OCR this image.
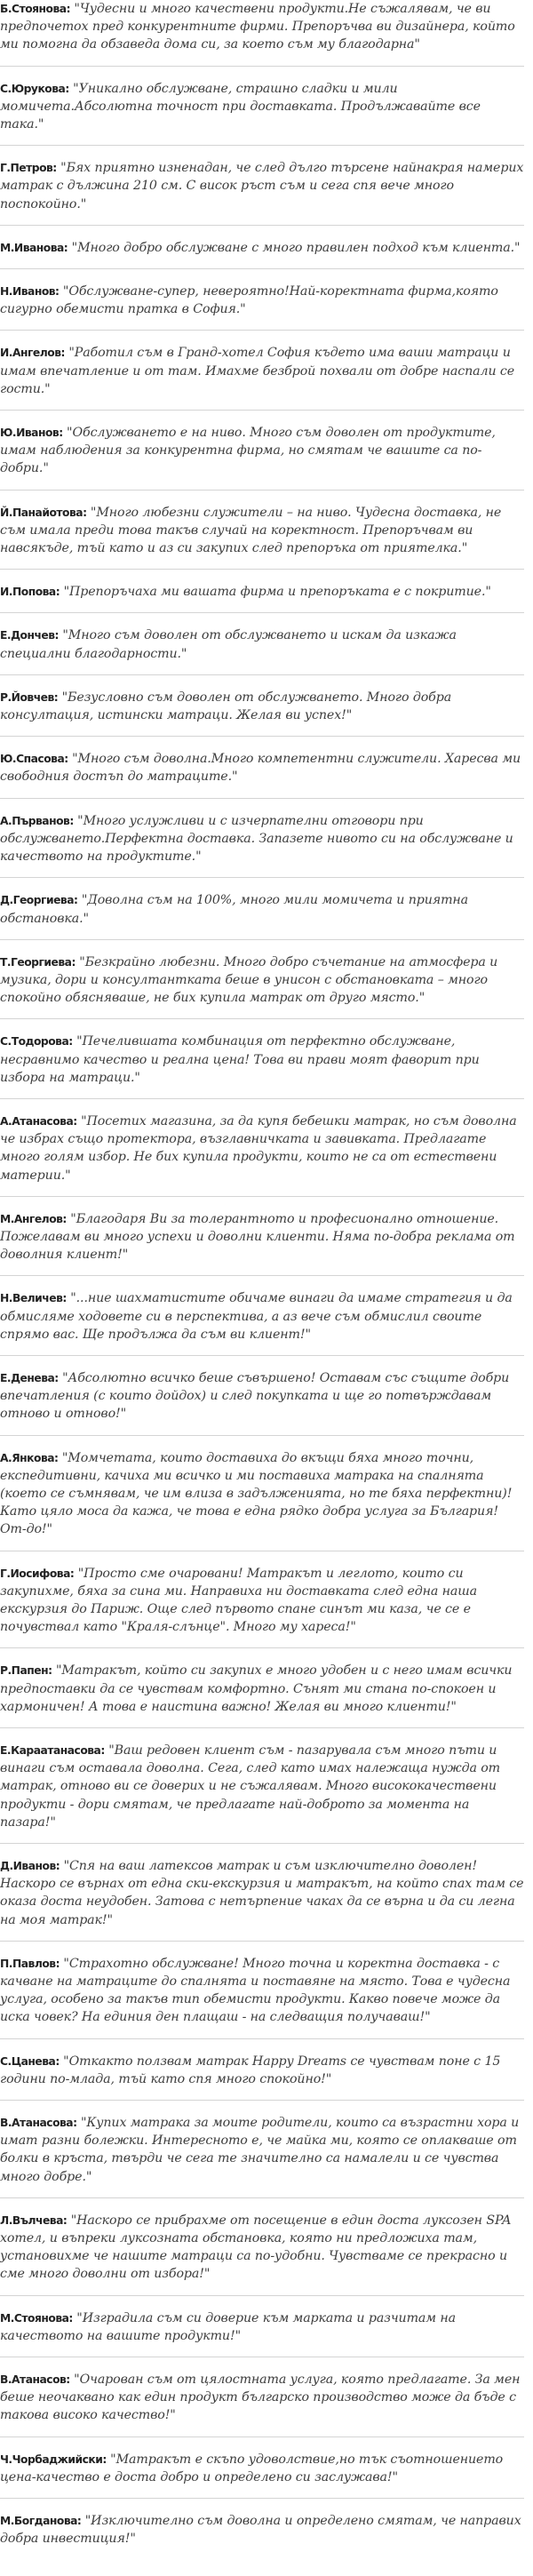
Б.Стоянова: "Чудесни и много качествени продукти.Не съжалявам, че ви предпочетох пред конкурентните фирми. Препоръчва ви дизайнера, който ми помогна да обзаведа дома си, за което съм му благодарна"

С.Юрукова: "Уникално обслужване, страшно сладки и мили момичета.Абсолютна точност при доставката. Продължавайте все така."

Г.Петров: "Бях приятно изненадан, че след дълго търсене найнакрая намерих матрак с дължина 210 см. С висок ръст съм и сега спя вече много поспокойно."

М.Иванова: "Много добро обслужване с много правилен подход към клиента."

Н.Иванов: "Обслужване-супер, невероятно!Най-коректната фирма,която сигурно обемисти пратка в София."

И.Ангелов: "Работил съм в Гранд-хотел София където има ваши матраци и имам впечатление и от там. Имахме безброй похвали от добре наспали се гости."

Ю.Иванов: "Обслужването е на ниво. Много съм доволен от продуктите, имам наблюдения за конкурентна фирма, но смятам че вашите са по-добри."

Й.Панайотова: "Много любезни служители – на ниво. Чудесна доставка, не съм имала преди това такъв случай на коректност. Препоръчвам ви навсякъде, тъй като и аз си закупих след препоръка от приятелка."

И.Попова: "Препоръчаха ми вашата фирма и препоръката е с покритие."

Е.Дончев: "Много съм доволен от обслужването и искам да изкажа специални благодарности."

Р.Йовчев: "Безусловно съм доволен от обслужването. Много добра консултация, истински матраци. Желая ви успех!"

Ю.Спасова: "Много съм доволна.Много компетентни служители. Харесва ми свободния достъп до матраците."

А.Първанов: "Много услужливи и с изчерпателни отговори при обслужването.Перфектна доставка. Запазете нивото си на обслужване и качеството на продуктите."

Д.Георгиева: "Доволна съм на 100%, много мили момичета и приятна обстановка."

Т.Георгиева: "Безкрайно любезни. Много добро съчетание на атмосфера и музика, дори и консултантката беше в унисон с обстановката – много спокойно обясняваше, не бих купила матрак от друго място."

С.Тодорова: "Печелившата комбинация от перфектно обслужване, несравнимо качество и реална цена! Това ви прави моят фаворит при избора на матраци."

А.Атанасова: "Посетих магазина, за да купя бебешки матрак, но съм доволна че избрах също протектора, възглавничката и завивката. Предлагате много голям избор. Не бих купила продукти, които не са от естествени материи."

М.Ангелов: "Благодаря Ви за толерантното и професионално отношение. Пожелавам ви много успехи и доволни клиенти. Няма по-добра реклама от доволния клиент!"

Н.Величев: "...ние шахматистите обичаме винаги да имаме стратегия и да обмисляме ходовете си в перспектива, а аз вече съм обмислил своите спрямо вас. Ще продължа да съм ви клиент!"

Е.Денева: "Абсолютно всичко беше съвършено! Оставам със същите добри впечатления (с които дойдох) и след покупката и ще го потвърждавам отново и отново!"

А.Янкова: "Момчетата, които доставиха до вкъщи бяха много точни, експедитивни, качиха ми всичко и ми поставиха матрака на спалнята (което се съмнявам, че им влиза в задълженията, но те бяха перфектни)! Като цяло моса да кажа, че това е една рядко добра услуга за България! От-до!"

Г.Иосифова: "Просто сме очаровани! Матракът и леглото, които си закупихме, бяха за сина ми. Направиха ни доставката след една наша екскурзия до Париж. Още след първото спане синът ми каза, че се е почувствал като "Краля-слънце". Много му хареса!"

Р.Папен: "Матракът, който си закупих е много удобен и с него имам всички предпоставки да се чувствам комфортно. Сънят ми стана по-спокоен и хармоничен! А това е наистина важно! Желая ви много клиенти!"

Е.Караатанасова: "Ваш редовен клиент съм - пазарувала съм много пъти и винаги съм оставала доволна. Сега, след като имах належаща нужда от матрак, отново ви се доверих и не съжалявам. Много висококачествени продукти - дори смятам, че предлагате най-доброто за момента на пазара!"

Д.Иванов: "Спя на ваш латексов матрак и съм изключително доволен! Наскоро се върнах от една ски-екскурзия и матракът, на който спах там се оказа доста неудобен. Затова с нетърпение чаках да се върна и да си легна на моя матрак!"

П.Павлов: "Страхотно обслужване! Много точна и коректна доставка - с качване на матраците до спалнята и поставяне на място. Това е чудесна услуга, особено за такъв тип обемисти продукти. Какво повече може да иска човек? На единия ден плащаш - на следващия получаваш!"

С.Цанева: "Откакто ползвам матрак Happy Dreams се чувствам поне с 15 години по-млада, тъй като спя много спокойно!"

В.Атанасова: "Купих матрака за моите родители, които са възрастни хора и имат разни болежки. Интересното е, че майка ми, която се оплакваше от болки в кръста, твърди че сега те значително са намалели и се чувства много добре."

Л.Вълчева: "Наскоро се прибрахме от посещение в един доста луксозен SPA хотел, и въпреки луксозната обстановка, която ни предложиха там, установихме че нашите матраци са по-удобни. Чувстваме се прекрасно и сме много доволни от избора!"

М.Стоянова: "Изградила съм си доверие към марката и разчитам на качеството на вашите продукти!"

В.Атанасов: "Очарован съм от цялостната услуга, която предлагате. За мен беше неочаквано как един продукт българско производство може да бъде с такова високо качество!"

Ч.Чорбаджийски: "Матракът е скъпо удоволствие,но тък съотношението цена-качество е доста добро и определено си заслужава!"

М.Богданова: "Изключително съм доволна и определено смятам, че направих добра инвестиция!"
